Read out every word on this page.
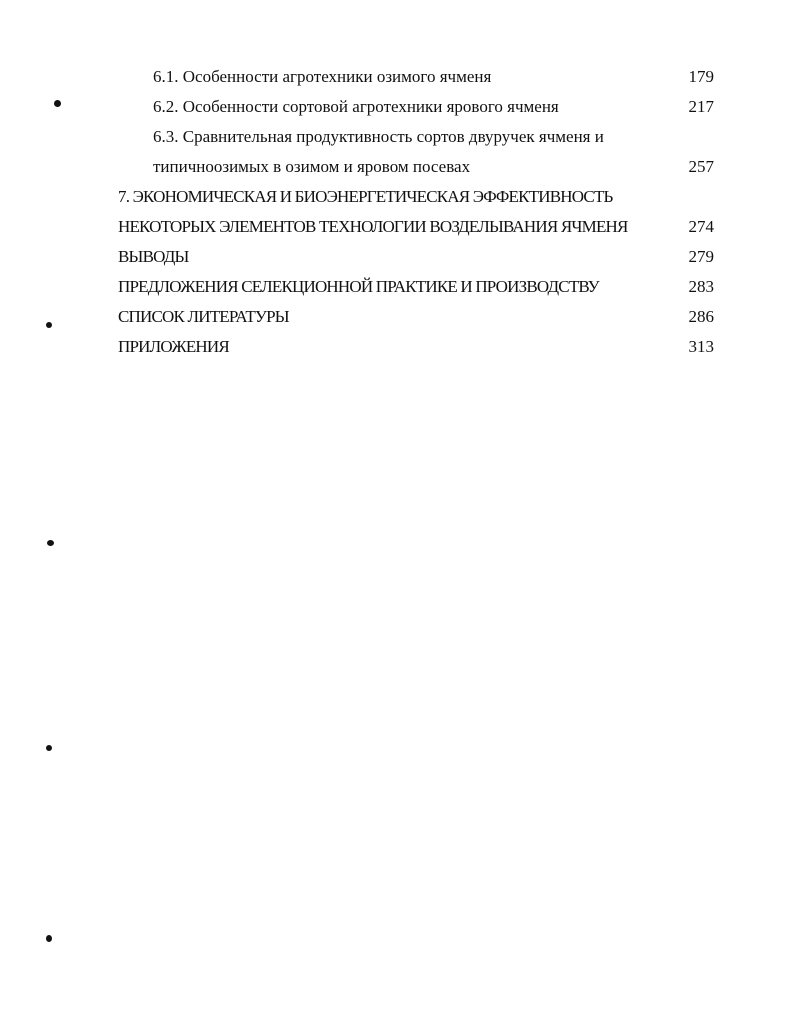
6.1. Особенности агротехники озимого ячменя	179
6.2. Особенности сортовой агротехники ярового ячменя	217
6.3. Сравнительная продуктивность сортов двуручек ячменя и
типичноозимых в озимом и яровом посевах	257
7. ЭКОНОМИЧЕСКАЯ И БИОЭНЕРГЕТИЧЕСКАЯ ЭФФЕКТИВНОСТЬ
НЕКОТОРЫХ ЭЛЕМЕНТОВ ТЕХНОЛОГИИ ВОЗДЕЛЫВАНИЯ ЯЧМЕНЯ	274
ВЫВОДЫ	279
ПРЕДЛОЖЕНИЯ СЕЛЕКЦИОННОЙ ПРАКТИКЕ И ПРОИЗВОДСТВУ	283
СПИСОК ЛИТЕРАТУРЫ	286
ПРИЛОЖЕНИЯ	313
